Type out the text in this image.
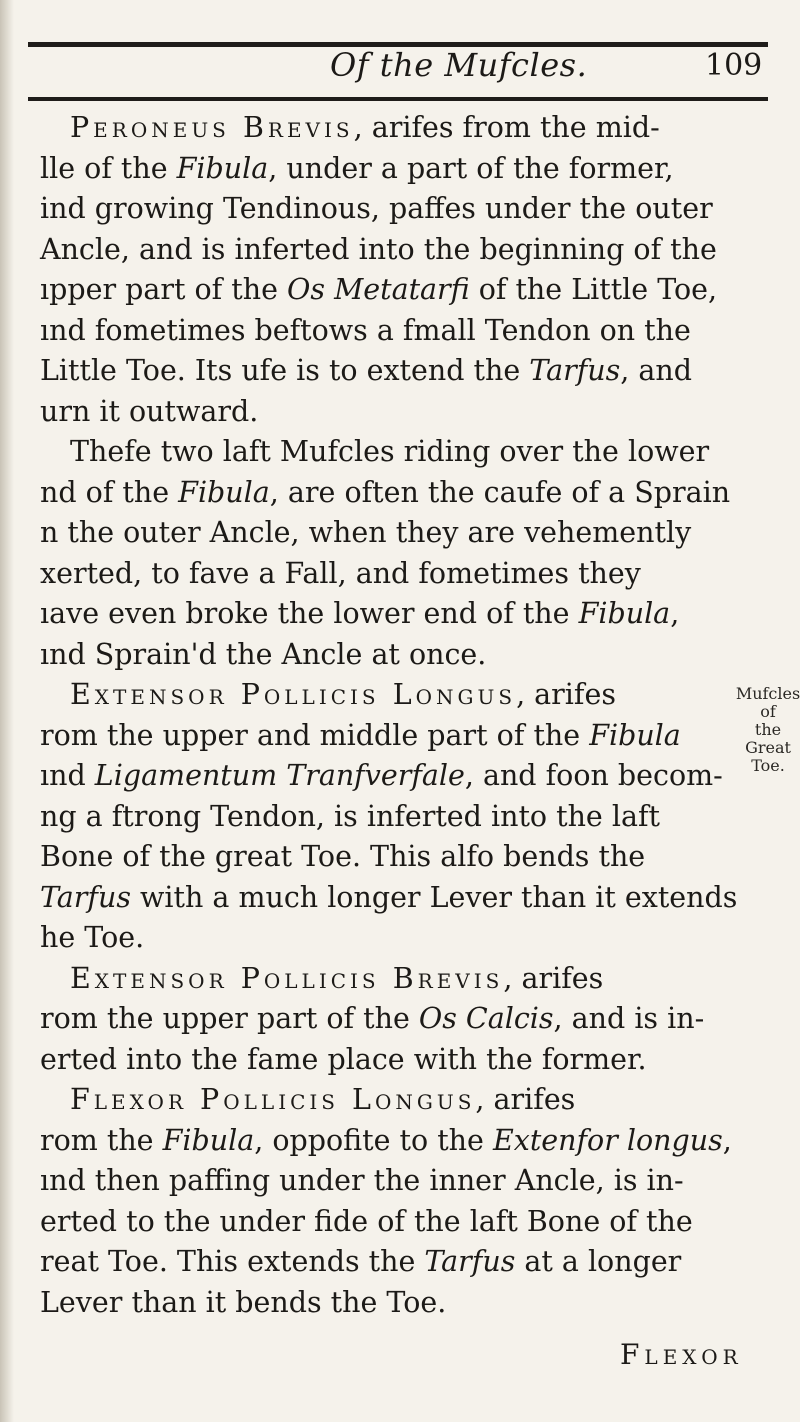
Of the Mufcles.	109
Peroneus Brevis, arifes from the mid-
lle of the Fibula, under a part of the former,
ind growing Tendinous, paffes under the outer
Ancle, and is inferted into the beginning of the
ıpper part of the Os Metatarfi of the Little Toe,
ınd fometimes beftows a fmall Tendon on the
Little Toe. Its ufe is to extend the Tarfus, and
urn it outward.
Thefe two laft Mufcles riding over the lower
nd of the Fibula, are often the caufe of a Sprain
n the outer Ancle, when they are vehemently
xerted, to fave a Fall, and fometimes they
ıave even broke the lower end of the Fibula,
ınd Sprain'd the Ancle at once.
Extensor Pollicis Longus, arifes
rom the upper and middle part of the Fibula
ınd Ligamentum Tranfverfale, and foon becom-
ng a ftrong Tendon, is inferted into the laft
Bone of the great Toe. This alfo bends the
Tarfus with a much longer Lever than it extends
he Toe.
Extensor Pollicis Brevis, arifes
rom the upper part of the Os Calcis, and is in-
erted into the fame place with the former.
Flexor Pollicis Longus, arifes
rom the Fibula, oppofite to the Extenfor longus,
ınd then paffing under the inner Ancle, is in-
erted to the under fide of the laft Bone of the
reat Toe. This extends the Tarfus at a longer
Lever than it bends the Toe.
Mufcles of
the Great
Toe.
Flexor
